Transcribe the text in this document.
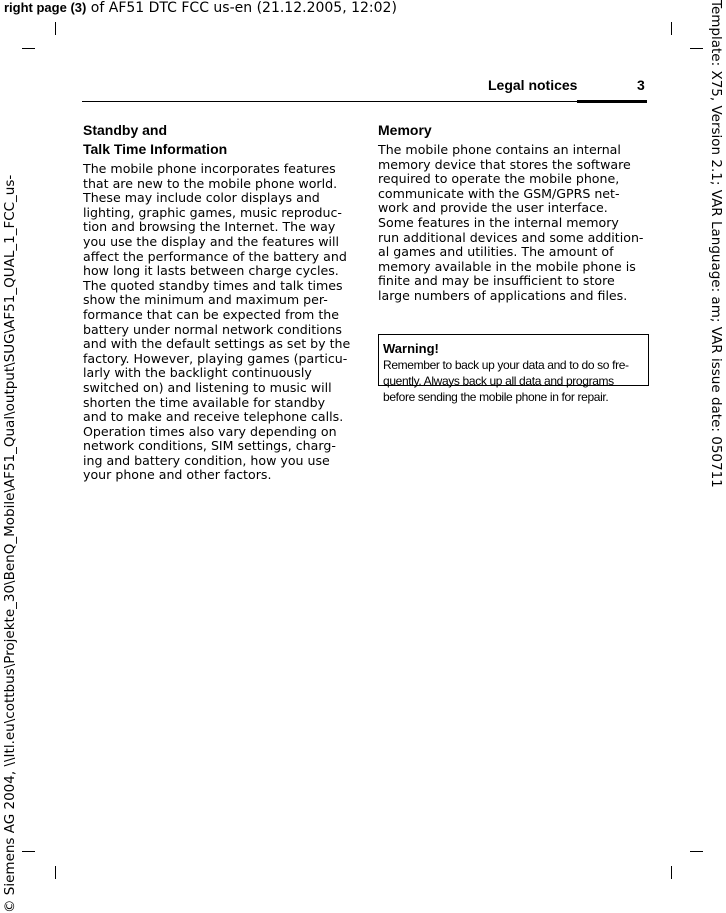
right page (3) of AF51 DTC FCC us-en (21.12.2005, 12:02)
© Siemens AG 2004, \\Itl.eu\cottbus\Projekte_30\BenQ_Mobile\AF51_Qual\output\SUG\AF51_QUAL_1_FCC_us-	Template: X75, Version 2.1; VAR Language: am; VAR issue date: 050711
Legal notices	3

Standby and
Talk Time Information

The mobile phone incorporates features
that are new to the mobile phone world.
These may include color displays and
lighting, graphic games, music reproduc-
tion and browsing the Internet. The way
you use the display and the features will
affect the performance of the battery and
how long it lasts between charge cycles.
The quoted standby times and talk times
show the minimum and maximum per-
formance that can be expected from the
battery under normal network conditions
and with the default settings as set by the
factory. However, playing games (particu-
larly with the backlight continuously
switched on) and listening to music will
shorten the time available for standby
and to make and receive telephone calls.
Operation times also vary depending on
network conditions, SIM settings, charg-
ing and battery condition, how you use
your phone and other factors.

Memory

The mobile phone contains an internal
memory device that stores the software
required to operate the mobile phone,
communicate with the GSM/GPRS net-
work and provide the user interface.
Some features in the internal memory
run additional devices and some addition-
al games and utilities. The amount of
memory available in the mobile phone is
finite and may be insufficient to store
large numbers of applications and files.

Warning!
Remember to back up your data and to do so fre-
quently. Always back up all data and programs
before sending the mobile phone in for repair.
